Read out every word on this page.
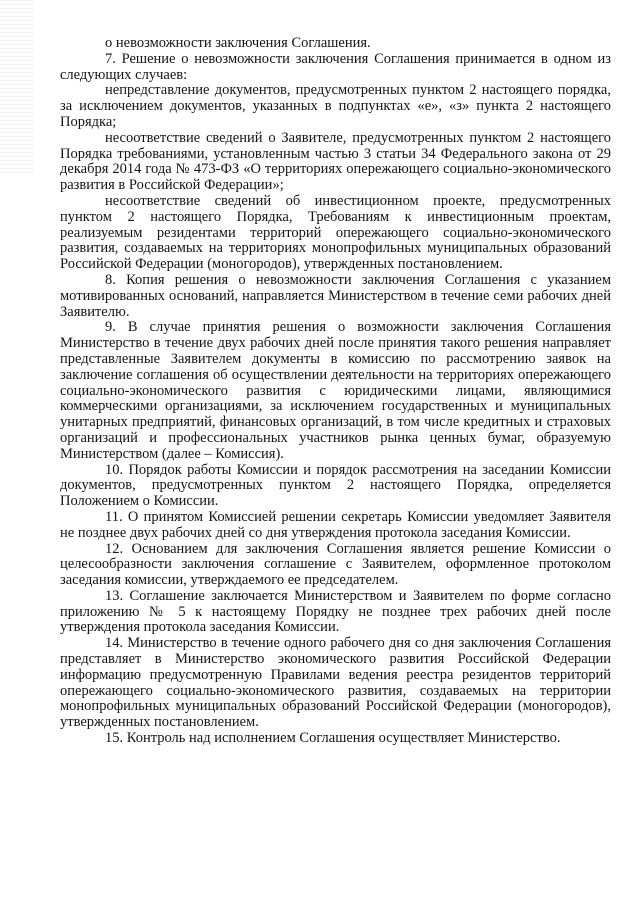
о невозможности заключения Соглашения.

7. Решение о невозможности заключения Соглашения принимается в одном из следующих случаев:

непредставление документов, предусмотренных пунктом 2 настоящего порядка, за исключением документов, указанных в подпунктах «е», «з» пункта 2 настоящего Порядка;

несоответствие сведений о Заявителе, предусмотренных пунктом 2 настоящего Порядка требованиями, установленным частью 3 статьи 34 Федерального закона от 29 декабря 2014 года № 473-ФЗ «О территориях опережающего социально-экономического развития в Российской Федерации»;

несоответствие сведений об инвестиционном проекте, предусмотренных пунктом 2 настоящего Порядка, Требованиям к инвестиционным проектам, реализуемым резидентами территорий опережающего социально-экономического развития, создаваемых на территориях монопрофильных муниципальных образований Российской Федерации (моногородов), утвержденных постановлением.

8. Копия решения о невозможности заключения Соглашения с указанием мотивированных оснований, направляется Министерством в течение семи рабочих дней Заявителю.

9. В случае принятия решения о возможности заключения Соглашения Министерство в течение двух рабочих дней после принятия такого решения направляет представленные Заявителем документы в комиссию по рассмотрению заявок на заключение соглашения об осуществлении деятельности на территориях опережающего социально-экономического развития с юридическими лицами, являющимися коммерческими организациями, за исключением государственных и муниципальных унитарных предприятий, финансовых организаций, в том числе кредитных и страховых организаций и профессиональных участников рынка ценных бумаг, образуемую Министерством (далее – Комиссия).

10. Порядок работы Комиссии и порядок рассмотрения на заседании Комиссии документов, предусмотренных пунктом 2 настоящего Порядка, определяется Положением о Комиссии.

11. О принятом Комиссией решении секретарь Комиссии уведомляет Заявителя не позднее двух рабочих дней со дня утверждения протокола заседания Комиссии.

12. Основанием для заключения Соглашения является решение Комиссии о целесообразности заключения соглашение с Заявителем, оформленное протоколом заседания комиссии, утверждаемого ее председателем.

13. Соглашение заключается Министерством и Заявителем по форме согласно приложению № 5 к настоящему Порядку не позднее трех рабочих дней после утверждения протокола заседания Комиссии.

14. Министерство в течение одного рабочего дня со дня заключения Соглашения представляет в Министерство экономического развития Российской Федерации информацию предусмотренную Правилами ведения реестра резидентов территорий опережающего социально-экономического развития, создаваемых на территории монопрофильных муниципальных образований Российской Федерации (моногородов), утвержденных постановлением.

15. Контроль над исполнением Соглашения осуществляет Министерство.
